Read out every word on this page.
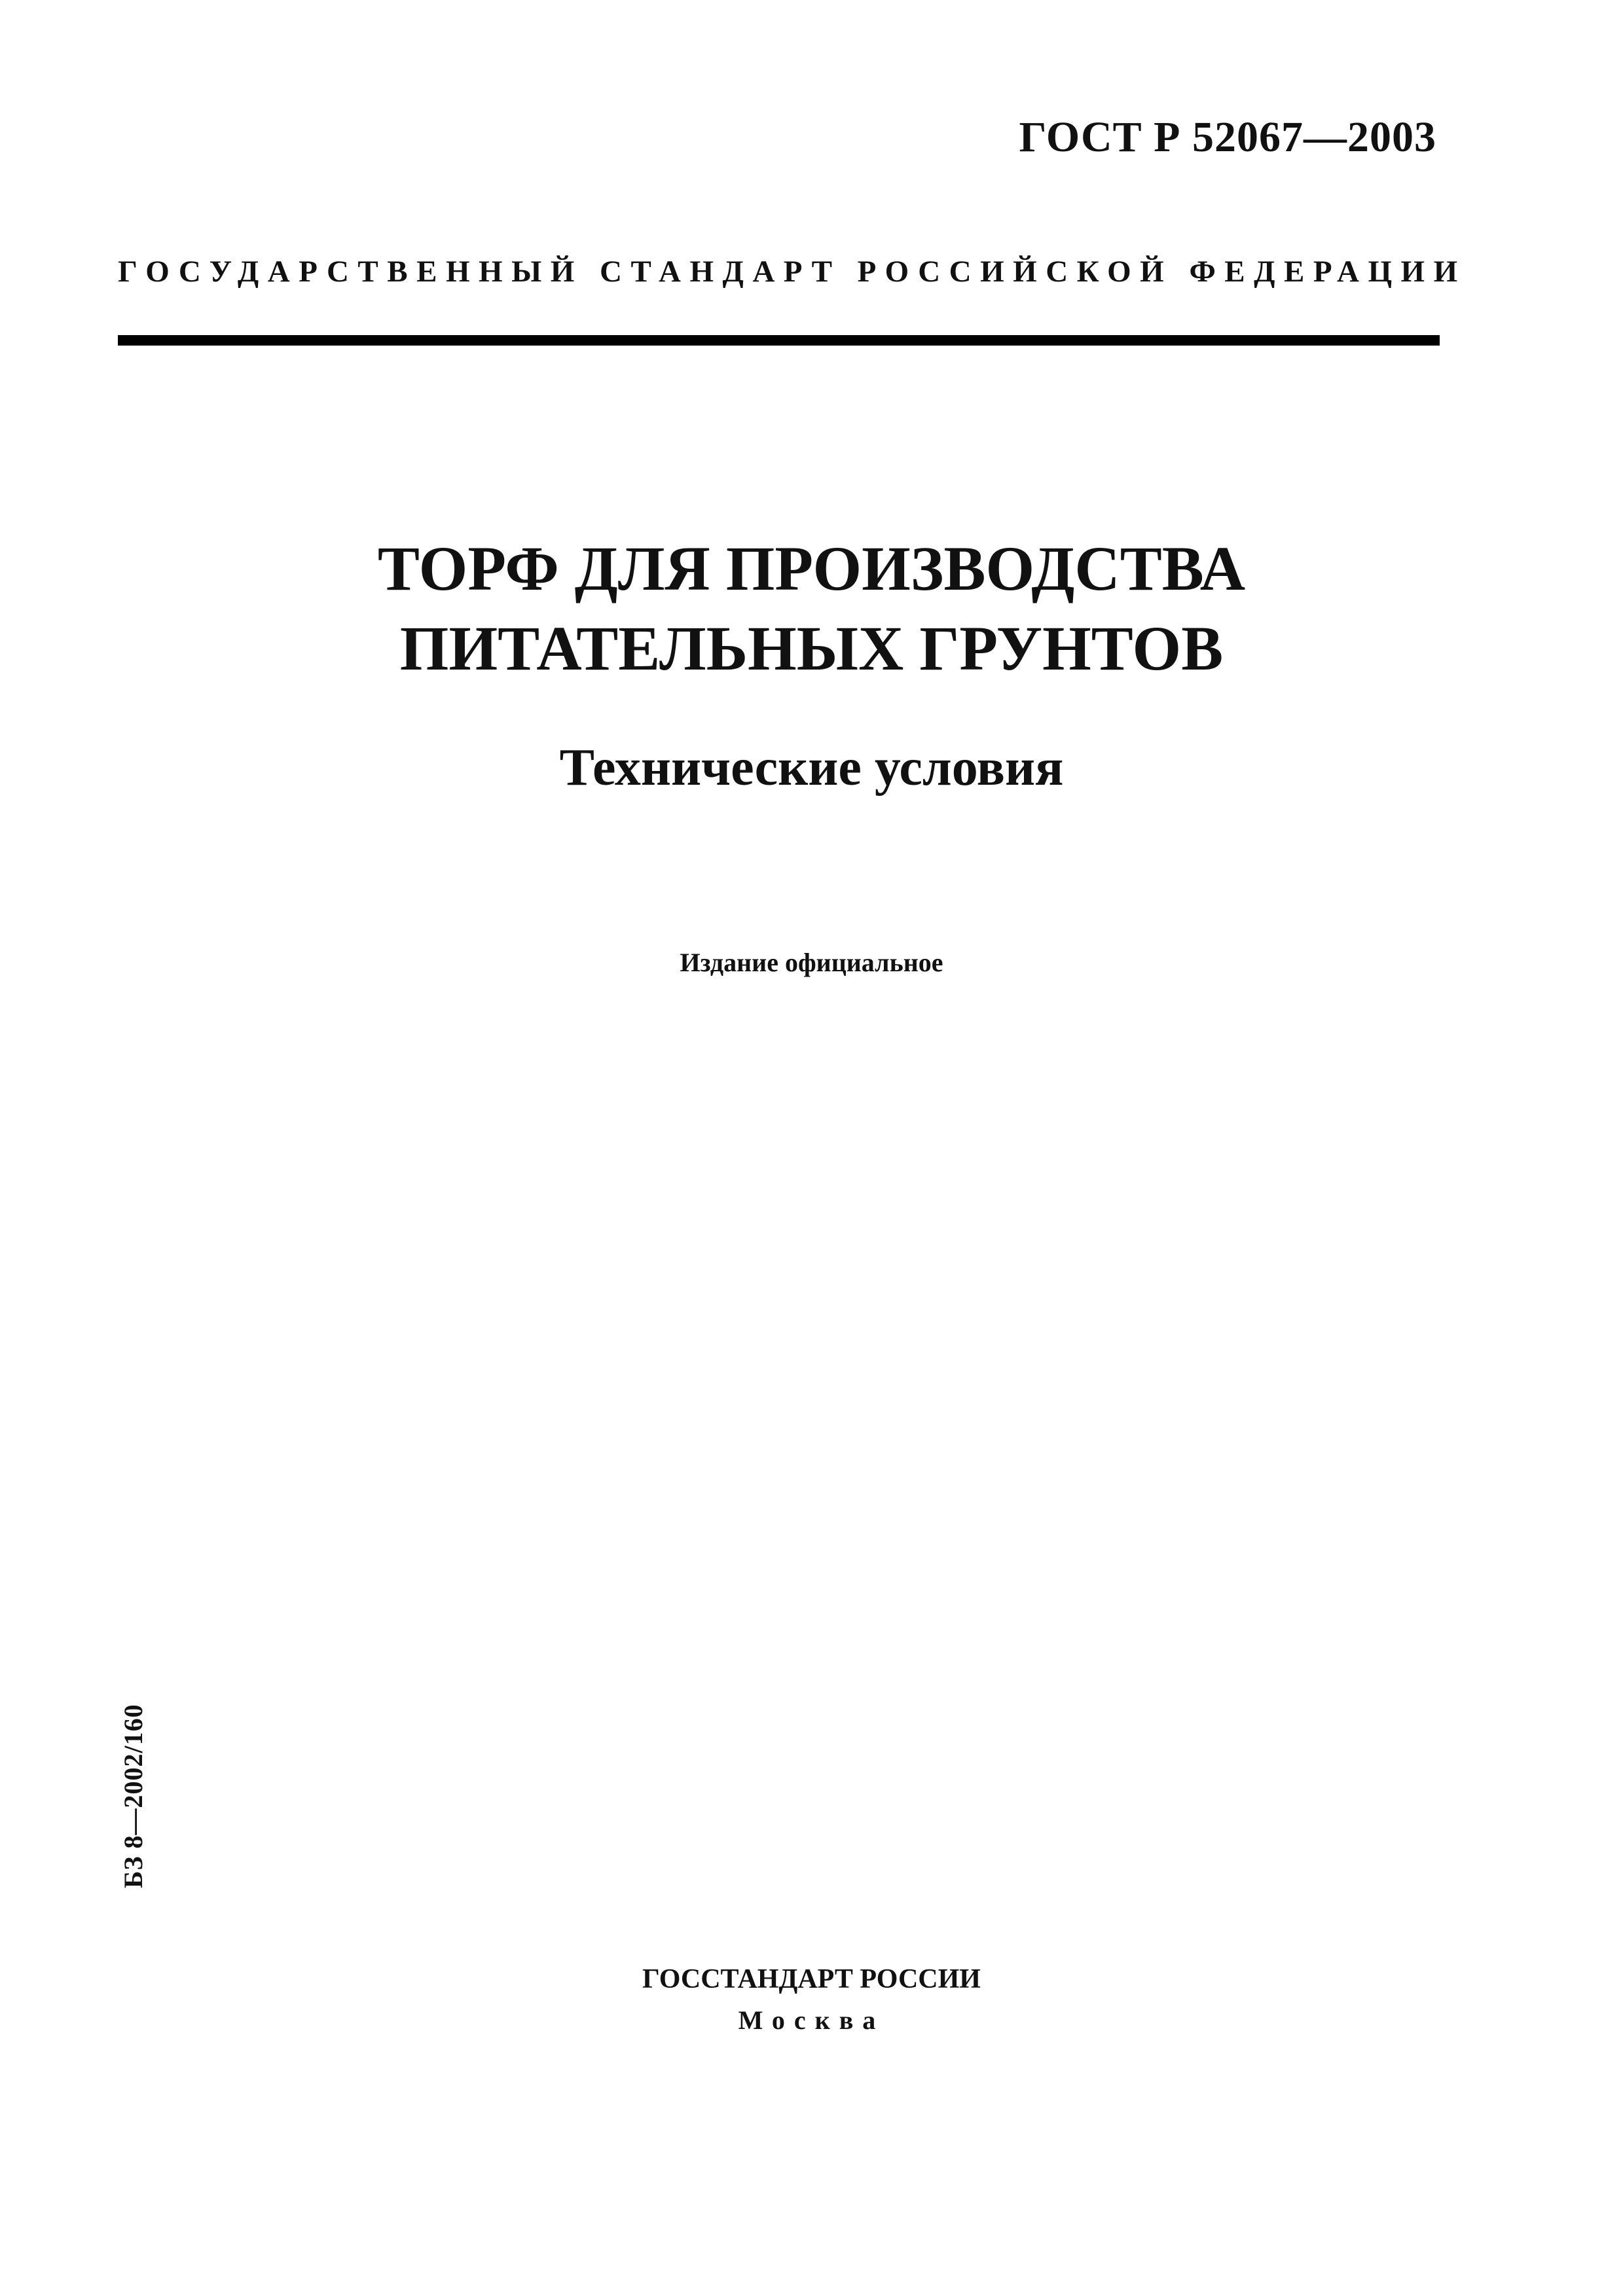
ГОСТ Р 52067—2003
ГОСУДАРСТВЕННЫЙ СТАНДАРТ РОССИЙСКОЙ ФЕДЕРАЦИИ
ТОРФ ДЛЯ ПРОИЗВОДСТВА
ПИТАТЕЛЬНЫХ ГРУНТОВ
Технические условия
Издание официальное
БЗ 8—2002/160
ГОССТАНДАРТ РОССИИ
Москва
